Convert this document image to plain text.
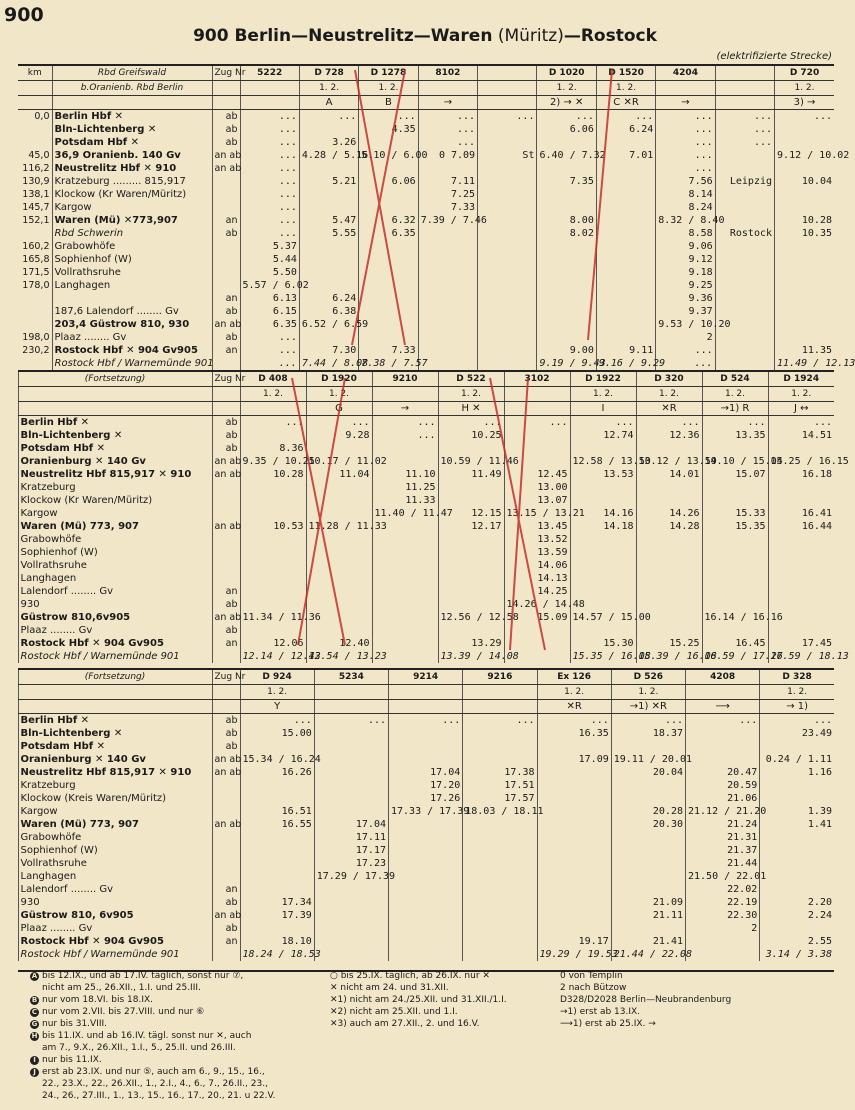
900
900 Berlin—Neustrelitz—Waren (Müritz)—Rostock
(elektrifizierte Strecke)
km	Rbd Greifswald	Zug Nr	5222	D 728	D 1278	8102		D 1020	D 1520	4204		D 720
	b.Oranienb. Rbd Berlin			1. 2.	1. 2.			1. 2.	1. 2.			1. 2.
				A	B	→		2) → ✕	C ✕R	→		3) →
0,0	Berlin Hbf ✕	ab	...	...	...	...	...	...	...	...	...	...
	Bln-Lichtenberg ✕	ab	...		4.35	...		6.06	6.24	...	...	
	Potsdam Hbf ✕	ab	...	3.26		...				...	...	
45,0	36,9 Oranienb. 140 Gv	an ab	...	4.28 / 5.16	5.10 / 6.00	0 7.09	St	6.40 / 7.32	7.01	...		9.12 / 10.02
116,2	Neustrelitz Hbf ✕ 910	an ab	...							...		
130,9	Kratzeburg ......... 815,917		...	5.21	6.06	7.11		7.35		7.56	Leipzig	10.04
138,1	Klockow (Kr Waren/Müritz)		...			7.25				8.14		
145,7	Kargow		...			7.33				8.24		
152,1	Waren (Mü) ✕773,907	an	...	5.47	6.32	7.39 / 7.46		8.00		8.32 / 8.40		10.28
	Rbd Schwerin	ab	...	5.55	6.35			8.02		8.58	Rostock	10.35
160,2	Grabowhöfe		5.37							9.06		
165,8	Sophienhof (W)		5.44							9.12		
171,5	Vollrathsruhe		5.50							9.18		
178,0	Langhagen		5.57 / 6.02							9.25		
		an	6.13	6.24						9.36		
	187,6 Lalendorf ........ Gv	ab	6.15	6.38						9.37		
	203,4 Güstrow 810, 930	an ab	6.35	6.52 / 6.59						9.53 / 10.20		
198,0	Plaaz ........ Gv	ab	...							2		
230,2	Rostock Hbf ✕ 904 Gv905	an	...	7.30	7.33			9.00	9.11	...		11.35
	Rostock Hbf / Warnemünde 901		...	7.44 / 8.08	7.38 / 7.57			9.19 / 9.43	9.16 / 9.29	...		11.49 / 12.13
	(Fortsetzung)	Zug Nr	D 408	D 1920	9210	D 522	3102	D 1922	D 320	D 524	D 1924
			1. 2.	1. 2.		1. 2.		1. 2.	1. 2.	1. 2.	1. 2.
				G	→	H ✕		I	✕R	→1) R	J ↔
	Berlin Hbf ✕	ab	...	...	...	...	...	...	...	...	...
	Bln-Lichtenberg ✕	ab		9.28	...	10.25		12.74	12.36	13.35	14.51
	Potsdam Hbf ✕	ab	8.36								
	Oranienburg ✕ 140 Gv	an ab	9.35 / 10.25	10.17 / 11.02		10.59 / 11.46		12.58 / 13.50	13.12 / 13.59	14.10 / 15.04	15.25 / 16.15
	Neustrelitz Hbf 815,917 ✕ 910	an ab	10.28	11.04	11.10	11.49	12.45	13.53	14.01	15.07	16.18
	Kratzeburg				11.25		13.00				
	Klockow (Kr Waren/Müritz)				11.33		13.07				
	Kargow				11.40 / 11.47	12.15	13.15 / 13.21	14.16	14.26	15.33	16.41
	Waren (Mü) 773, 907	an ab	10.53	11.28 / 11.33		12.17	13.45	14.18	14.28	15.35	16.44
	Grabowhöfe						13.52				
	Sophienhof (W)						13.59				
	Vollrathsruhe						14.06				
	Langhagen						14.13				
	Lalendorf ........ Gv	an					14.25				
	930	ab					14.26 / 14.48				
	Güstrow 810,6v905	an ab	11.34 / 11.36			12.56 / 12.58	15.09	14.57 / 15.00		16.14 / 16.16	
	Plaaz ........ Gv	ab									
	Rostock Hbf ✕ 904 Gv905	an	12.06	12.40		13.29		15.30	15.25	16.45	17.45
	Rostock Hbf / Warnemünde 901		12.14 / 12.43	12.54 / 13.23		13.39 / 14.08		15.35 / 16.08	15.39 / 16.08	16.59 / 17.26	17.59 / 18.13
	(Fortsetzung)	Zug Nr	D 924	5234	9214	9216	Ex 126	D 526	4208	D 328
			1. 2.				1. 2.	1. 2.		1. 2.
			Y				✕R	→1) ✕R	⟶	→ 1)
	Berlin Hbf ✕	ab	...	...	...	...	...	...	...	...
	Bln-Lichtenberg ✕	ab	15.00				16.35	18.37		23.49
	Potsdam Hbf ✕	ab								
	Oranienburg ✕ 140 Gv	an ab	15.34 / 16.24				17.09	19.11 / 20.01		0.24 / 1.11
	Neustrelitz Hbf 815,917 ✕ 910	an ab	16.26		17.04	17.38		20.04	20.47	1.16
	Kratzeburg				17.20	17.51			20.59	
	Klockow (Kreis Waren/Müritz)				17.26	17.57			21.06	
	Kargow		16.51		17.33 / 17.39	18.03 / 18.11		20.28	21.12 / 21.20	1.39
	Waren (Mü) 773, 907	an ab	16.55	17.04				20.30	21.24	1.41
	Grabowhöfe			17.11					21.31	
	Sophienhof (W)			17.17					21.37	
	Vollrathsruhe			17.23					21.44	
	Langhagen			17.29 / 17.39					21.50 / 22.01	
	Lalendorf ........ Gv	an							22.02	
	930	ab	17.34					21.09	22.19	2.20
	Güstrow 810, 6v905	an ab	17.39					21.11	22.30	2.24
	Plaaz ........ Gv	ab							2	
	Rostock Hbf ✕ 904 Gv905	an	18.10				19.17	21.41		2.55
	Rostock Hbf / Warnemünde 901		18.24 / 18.53				19.29 / 19.53	21.44 / 22.08		3.14 / 3.38
A bis 12.IX., und ab 17.IV. täglich, sonst nur ⑦,
nicht am 25., 26.XII., 1.I. und 25.III.
B nur vom 18.VI. bis 18.IX.
C nur vom 2.VII. bis 27.VIII. und nur ⑥
G nur bis 31.VIII.
H bis 11.IX. und ab 16.IV. tägl. sonst nur ✕, auch
am 7., 9.X., 26.XII., 1.I., 5., 25.II. und 26.III.
I nur bis 11.IX.
J erst ab 23.IX. und nur ⑤, auch am 6., 9., 15., 16.,
22., 23.X., 22., 26.XII., 1., 2.I., 4., 6., 7., 26.II., 23.,
24., 26., 27.III., 1., 13., 15., 16., 17., 20., 21. u 22.V.
○ bis 25.IX. täglich, ab 26.IX. nur ✕
✕ nicht am 24. und 31.XII.
✕1) nicht am 24./25.XII. und 31.XII./1.I.
✕2) nicht am 25.XII. und 1.I.
✕3) auch am 27.XII., 2. und 16.V.
0 von Templin
2 nach Bützow
D328/D2028 Berlin—Neubrandenburg
→1) erst ab 13.IX.
⟶1) erst ab 25.IX. →
